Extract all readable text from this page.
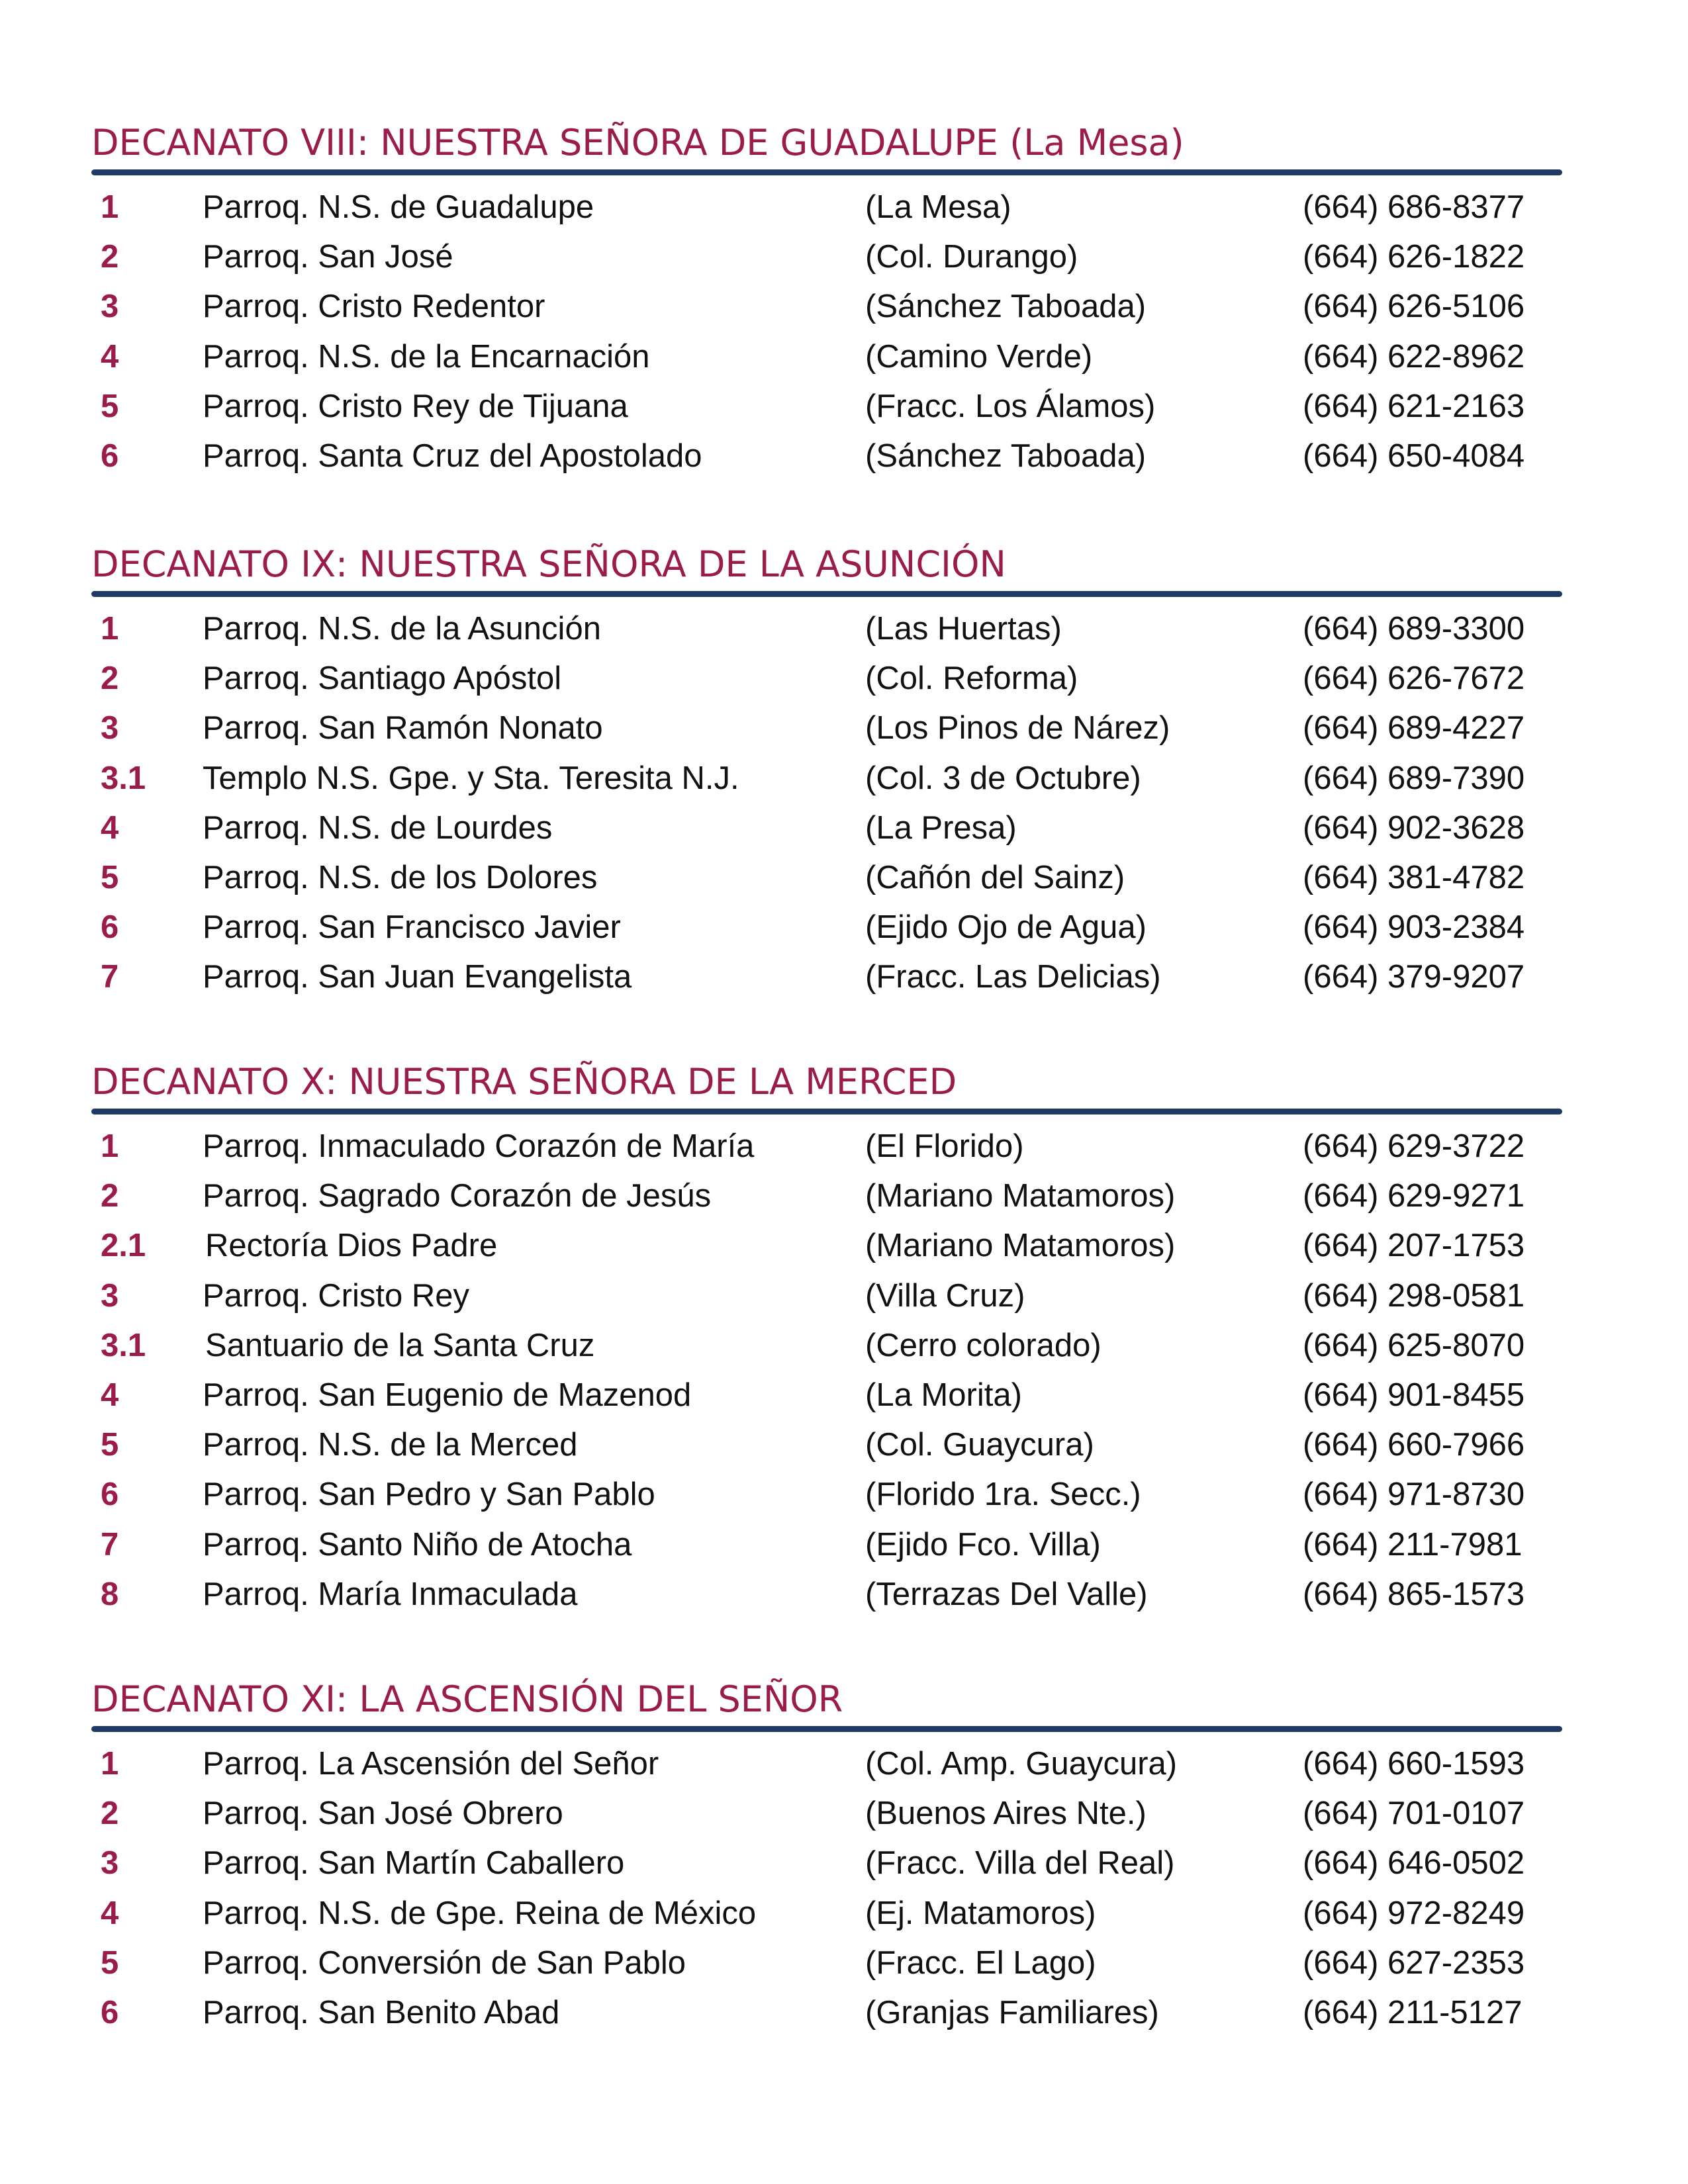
DECANATO VIII: NUESTRA SEÑORA DE GUADALUPE (La Mesa)
1	Parroq. N.S. de Guadalupe	(La Mesa)	(664) 686-8377
2	Parroq. San José	(Col. Durango)	(664) 626-1822
3	Parroq. Cristo Redentor	(Sánchez Taboada)	(664) 626-5106
4	Parroq. N.S. de la Encarnación	(Camino Verde)	(664) 622-8962
5	Parroq. Cristo Rey de Tijuana	(Fracc. Los Álamos)	(664) 621-2163
6	Parroq. Santa Cruz del Apostolado	(Sánchez Taboada)	(664) 650-4084
DECANATO IX: NUESTRA SEÑORA DE LA ASUNCIÓN
1	Parroq. N.S. de la Asunción	(Las Huertas)	(664) 689-3300
2	Parroq. Santiago Apóstol	(Col. Reforma)	(664) 626-7672
3	Parroq. San Ramón Nonato	(Los Pinos de Nárez)	(664) 689-4227
3.1 Templo N.S. Gpe. y Sta. Teresita N.J.	(Col. 3 de Octubre)	(664) 689-7390
4	Parroq. N.S. de Lourdes	(La Presa)	(664) 902-3628
5	Parroq. N.S. de los Dolores	(Cañón del Sainz)	(664) 381-4782
6	Parroq. San Francisco Javier	(Ejido Ojo de Agua)	(664) 903-2384
7	Parroq. San Juan Evangelista	(Fracc. Las Delicias)	(664) 379-9207
DECANATO X: NUESTRA SEÑORA DE LA MERCED
1	Parroq. Inmaculado Corazón de María	(El Florido)	(664) 629-3722
2	Parroq. Sagrado Corazón de Jesús	(Mariano Matamoros)	(664) 629-9271
2.1 Rectoría Dios Padre	(Mariano Matamoros)	(664) 207-1753
3	Parroq. Cristo Rey	(Villa Cruz)	(664) 298-0581
3.1 Santuario de la Santa Cruz	(Cerro colorado)	(664) 625-8070
4	Parroq. San Eugenio de Mazenod	(La Morita)	(664) 901-8455
5	Parroq. N.S. de la Merced	(Col. Guaycura)	(664) 660-7966
6	Parroq. San Pedro y San Pablo	(Florido 1ra. Secc.)	(664) 971-8730
7	Parroq. Santo Niño de Atocha	(Ejido Fco. Villa)	(664) 211-7981
8	Parroq. María Inmaculada	(Terrazas Del Valle)	(664) 865-1573
DECANATO XI: LA ASCENSIÓN DEL SEÑOR
1	Parroq. La Ascensión del Señor	(Col. Amp. Guaycura)	(664) 660-1593
2	Parroq. San José Obrero	(Buenos Aires Nte.)	(664) 701-0107
3	Parroq. San Martín Caballero	(Fracc. Villa del Real)	(664) 646-0502
4	Parroq. N.S. de Gpe. Reina de México	(Ej. Matamoros)	(664) 972-8249
5	Parroq. Conversión de San Pablo	(Fracc. El Lago)	(664) 627-2353
6	Parroq. San Benito Abad	(Granjas Familiares)	(664) 211-5127
